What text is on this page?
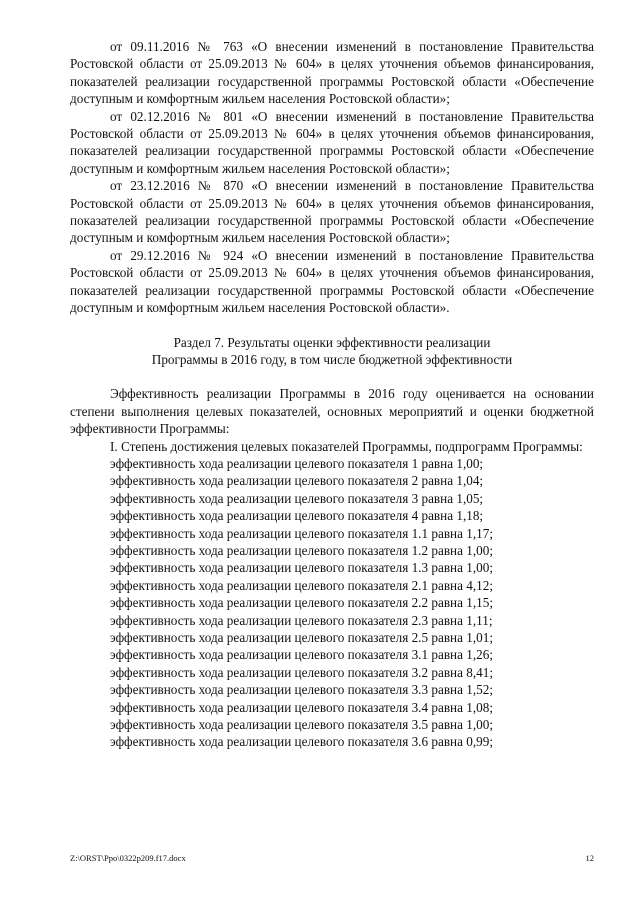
от 09.11.2016 № 763 «О внесении изменений в постановление Правительства Ростовской области от 25.09.2013 № 604» в целях уточнения объемов финансирования, показателей реализации государственной программы Ростовской области «Обеспечение доступным и комфортным жильем населения Ростовской области»;

от 02.12.2016 № 801 «О внесении изменений в постановление Правительства Ростовской области от 25.09.2013 № 604» в целях уточнения объемов финансирования, показателей реализации государственной программы Ростовской области «Обеспечение доступным и комфортным жильем населения Ростовской области»;

от 23.12.2016 № 870 «О внесении изменений в постановление Правительства Ростовской области от 25.09.2013 № 604» в целях уточнения объемов финансирования, показателей реализации государственной программы Ростовской области «Обеспечение доступным и комфортным жильем населения Ростовской области»;

от 29.12.2016 № 924 «О внесении изменений в постановление Правительства Ростовской области от 25.09.2013 № 604» в целях уточнения объемов финансирования, показателей реализации государственной программы Ростовской области «Обеспечение доступным и комфортным жильем населения Ростовской области».

Раздел 7. Результаты оценки эффективности реализации
Программы в 2016 году, в том числе бюджетной эффективности

Эффективность реализации Программы в 2016 году оценивается на основании степени выполнения целевых показателей, основных мероприятий и оценки бюджетной эффективности Программы:

I. Степень достижения целевых показателей Программы, подпрограмм Программы:

эффективность хода реализации целевого показателя 1 равна 1,00;

эффективность хода реализации целевого показателя 2 равна 1,04;

эффективность хода реализации целевого показателя 3 равна 1,05;

эффективность хода реализации целевого показателя 4 равна 1,18;

эффективность хода реализации целевого показателя 1.1 равна 1,17;

эффективность хода реализации целевого показателя 1.2 равна 1,00;

эффективность хода реализации целевого показателя 1.3 равна 1,00;

эффективность хода реализации целевого показателя 2.1 равна 4,12;

эффективность хода реализации целевого показателя 2.2 равна 1,15;

эффективность хода реализации целевого показателя 2.3 равна 1,11;

эффективность хода реализации целевого показателя 2.5 равна 1,01;

эффективность хода реализации целевого показателя 3.1 равна 1,26;

эффективность хода реализации целевого показателя 3.2 равна 8,41;

эффективность хода реализации целевого показателя 3.3 равна 1,52;

эффективность хода реализации целевого показателя 3.4 равна 1,08;

эффективность хода реализации целевого показателя 3.5 равна 1,00;

эффективность хода реализации целевого показателя 3.6 равна 0,99;

Z:\ORST\Ppo\0322p209.f17.docx	12
